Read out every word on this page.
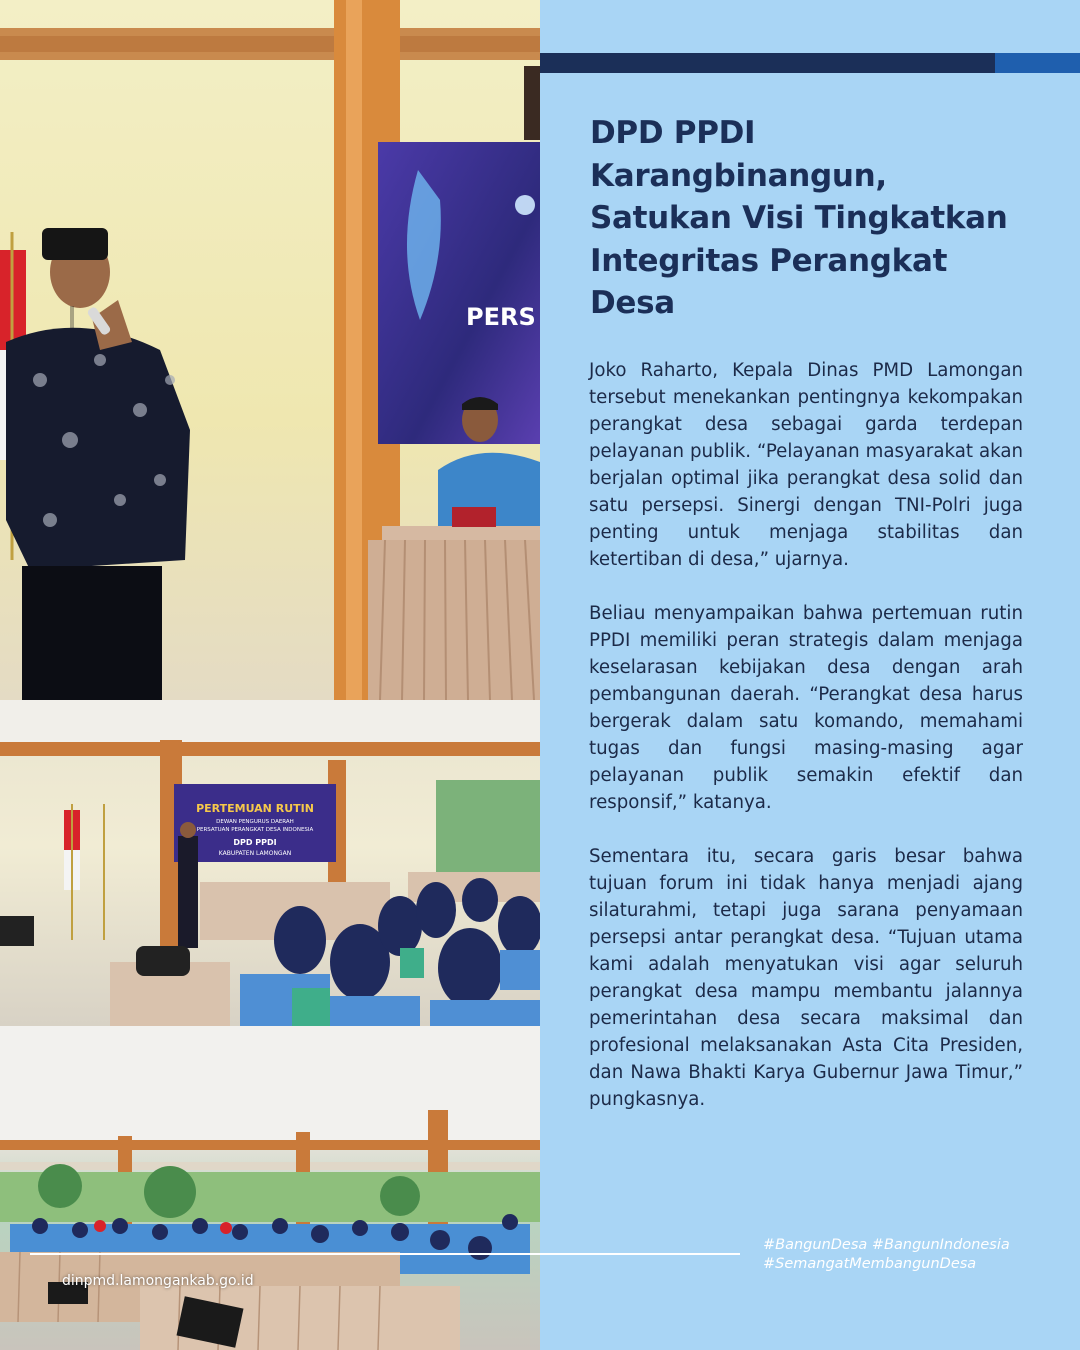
PERS
PERTEMUAN RUTIN
DEWAN PENGURUS DAERAH
PERSATUAN PERANGKAT DESA INDONESIA
DPD PPDI
KABUPATEN LAMONGAN
DPD PPDI Karangbinangun, Satukan Visi Tingkatkan Integritas Perangkat Desa

Joko Raharto, Kepala Dinas PMD Lamongan tersebut menekankan pentingnya kekompakan perangkat desa sebagai garda terdepan pelayanan publik. “Pelayanan masyarakat akan berjalan optimal jika perangkat desa solid dan satu persepsi. Sinergi dengan TNI-Polri juga penting untuk menjaga stabilitas dan ketertiban di desa,” ujarnya.

Beliau menyampaikan bahwa pertemuan rutin PPDI memiliki peran strategis dalam menjaga keselarasan kebijakan desa dengan arah pembangunan daerah. “Perangkat desa harus bergerak dalam satu komando, memahami tugas dan fungsi masing-masing agar pelayanan publik semakin efektif dan responsif,” katanya.

Sementara itu, secara garis besar bahwa tujuan forum ini tidak hanya menjadi ajang silaturahmi, tetapi juga sarana penyamaan persepsi antar perangkat desa. “Tujuan utama kami adalah menyatukan visi agar seluruh perangkat desa mampu membantu jalannya pemerintahan desa secara maksimal dan profesional melaksanakan Asta Cita Presiden, dan Nawa Bhakti Karya Gubernur Jawa Timur,” pungkasnya.

#BangunDesa #BangunIndonesia
#SemangatMembangunDesa
dinpmd.lamongankab.go.id
